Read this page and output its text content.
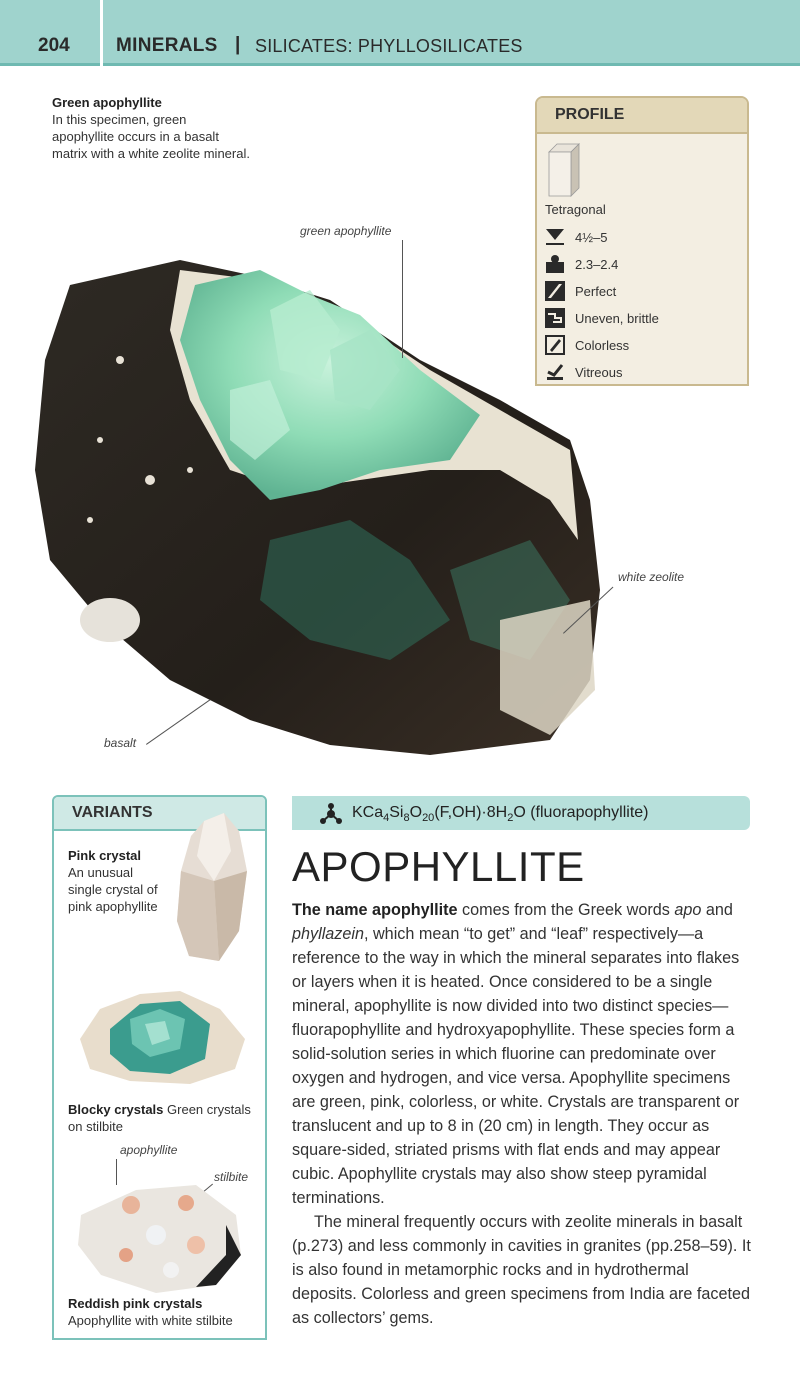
204 MINERALS | SILICATES: PHYLLOSILICATES
Green apophyllite
In this specimen, green apophyllite occurs in a basalt matrix with a white zeolite mineral.
green apophyllite
white zeolite
basalt
PROFILE
Tetragonal
4½–5
2.3–2.4
Perfect
Uneven, brittle
Colorless
Vitreous
VARIANTS
Pink crystal
An unusual single crystal of pink apophyllite
Blocky crystals Green crystals on stilbite
apophyllite
stilbite
Reddish pink crystals
Apophyllite with white stilbite
$KCa_4Si_8O_{20}(F,OH)\cdot 8H_2O$ (fluorapophyllite)
APOPHYLLITE

The name apophyllite comes from the Greek words apo and phyllazein, which mean “to get” and “leaf” respectively—a reference to the way in which the mineral separates into flakes or layers when it is heated. Once considered to be a single mineral, apophyllite is now divided into two distinct species—fluorapophyllite and hydroxyapophyllite. These species form a solid-solution series in which fluorine can predominate over oxygen and hydrogen, and vice versa. Apophyllite specimens are green, pink, colorless, or white. Crystals are transparent or translucent and up to 8 in (20 cm) in length. They occur as square-sided, striated prisms with flat ends and may appear cubic. Apophyllite crystals may also show steep pyramidal terminations.

The mineral frequently occurs with zeolite minerals in basalt (p.273) and less commonly in cavities in granites (pp.258–59). It is also found in metamorphic rocks and in hydrothermal deposits. Colorless and green specimens from India are faceted as collectors’ gems.
